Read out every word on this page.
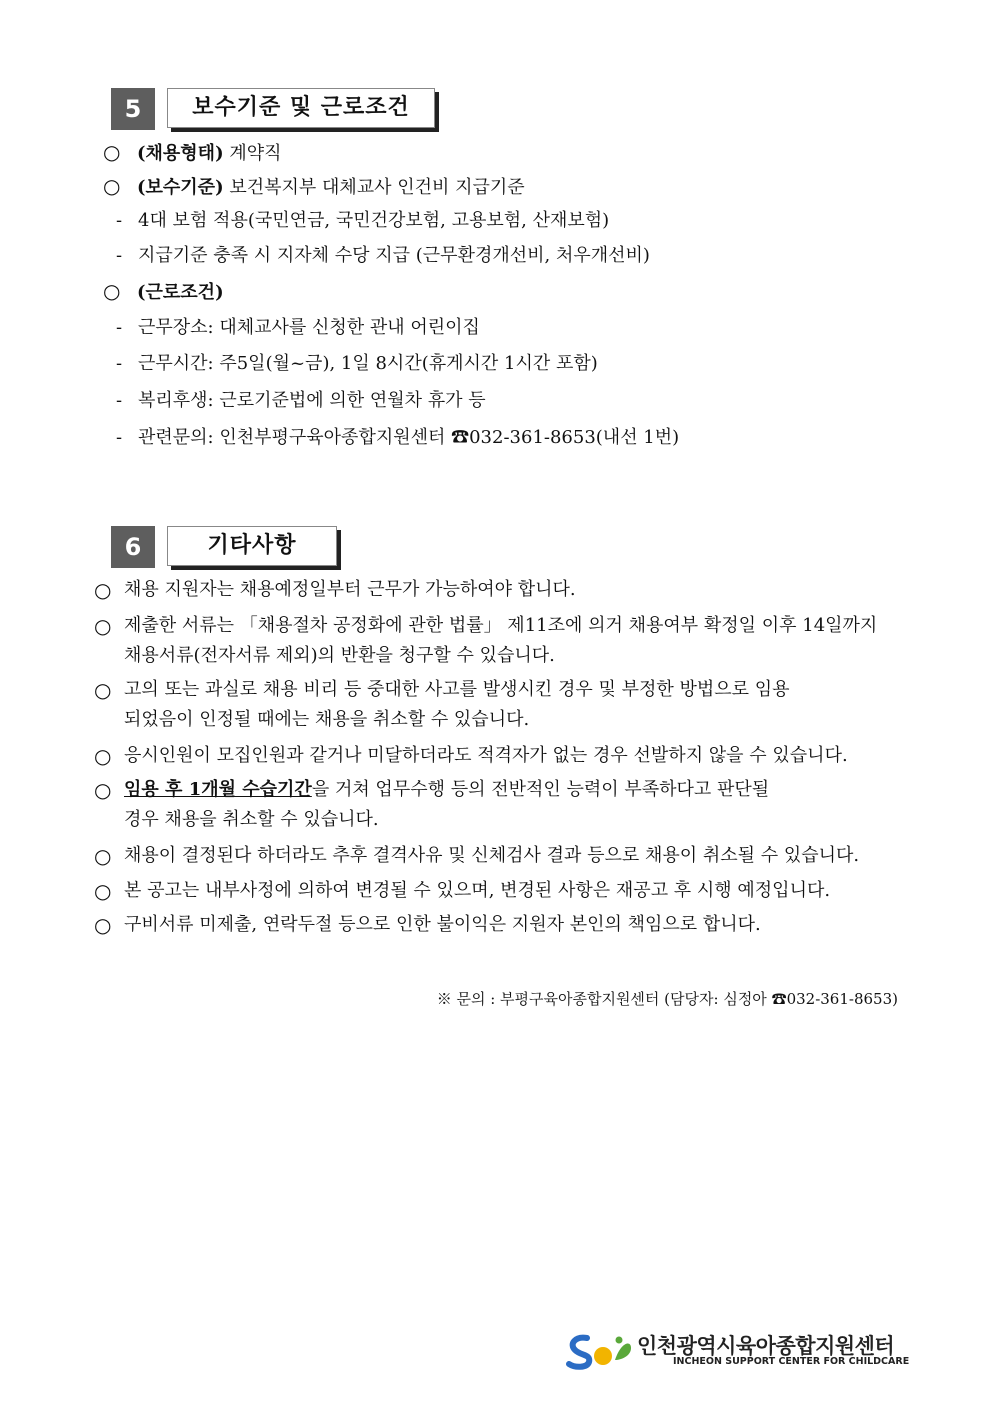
5	보수기준 및 근로조건
○ (채용형태) 계약직
○ (보수기준) 보건복지부 대체교사 인건비 지급기준
- 4대 보험 적용(국민연금, 국민건강보험, 고용보험, 산재보험)
- 지급기준 충족 시 지자체 수당 지급 (근무환경개선비, 처우개선비)
○ (근로조건)
- 근무장소: 대체교사를 신청한 관내 어린이집
- 근무시간: 주5일(월~금), 1일 8시간(휴게시간 1시간 포함)
- 복리후생: 근로기준법에 의한 연월차 휴가 등
- 관련문의: 인천부평구육아종합지원센터 ☎032-361-8653(내선 1번)
6	기타사항
○ 채용 지원자는 채용예정일부터 근무가 가능하여야 합니다.
○ 제출한 서류는 「채용절차 공정화에 관한 법률」 제11조에 의거 채용여부 확정일 이후 14일까지
채용서류(전자서류 제외)의 반환을 청구할 수 있습니다.
○ 고의 또는 과실로 채용 비리 등 중대한 사고를 발생시킨 경우 및 부정한 방법으로 임용
되었음이 인정될 때에는 채용을 취소할 수 있습니다.
○ 응시인원이 모집인원과 같거나 미달하더라도 적격자가 없는 경우 선발하지 않을 수 있습니다.
○ 임용 후 1개월 수습기간을 거쳐 업무수행 등의 전반적인 능력이 부족하다고 판단될
경우 채용을 취소할 수 있습니다.
○ 채용이 결정된다 하더라도 추후 결격사유 및 신체검사 결과 등으로 채용이 취소될 수 있습니다.
○ 본 공고는 내부사정에 의하여 변경될 수 있으며, 변경된 사항은 재공고 후 시행 예정입니다.
○ 구비서류 미제출, 연락두절 등으로 인한 불이익은 지원자 본인의 책임으로 합니다.
※ 문의 : 부평구육아종합지원센터 (담당자: 심정아 ☎032-361-8653)
인천광역시육아종합지원센터
INCHEON SUPPORT CENTER FOR CHILDCARE
